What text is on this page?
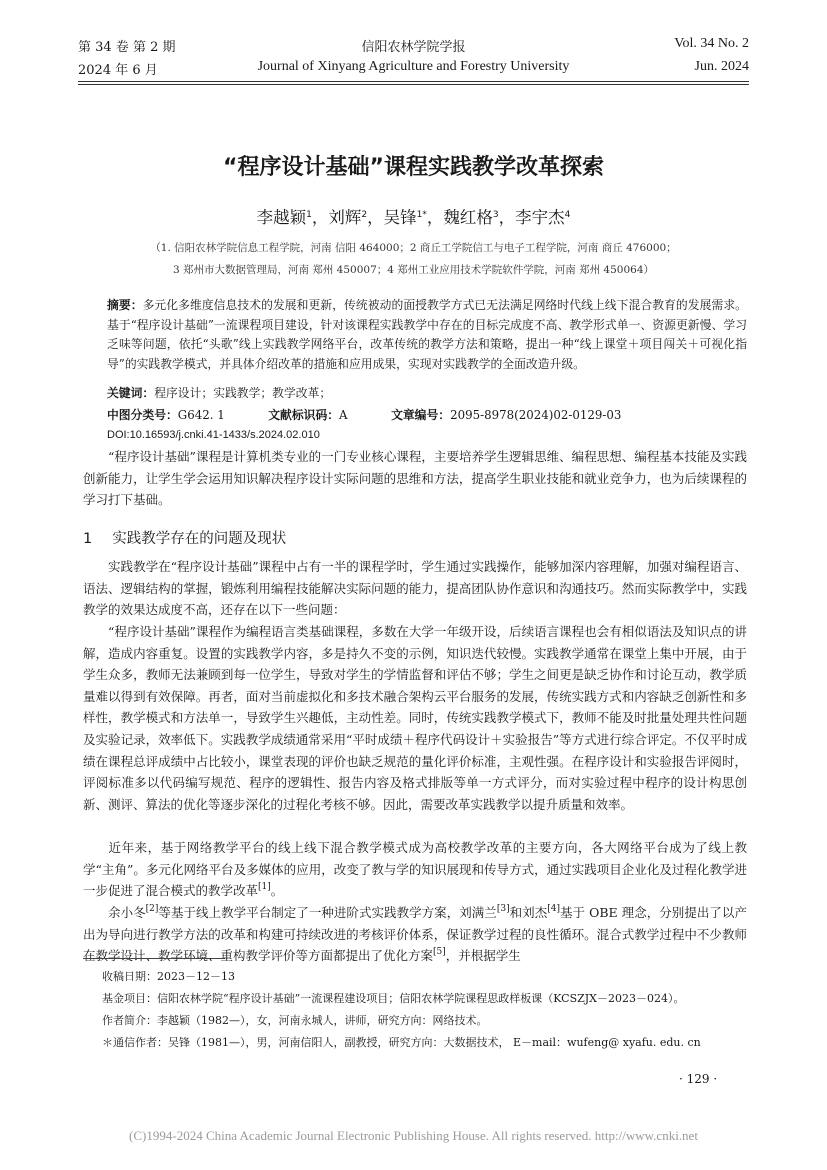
第 34 卷 第 2 期
2024 年 6 月
信阳农林学院学报
Journal of Xinyang Agriculture and Forestry University
Vol. 34 No. 2
Jun. 2024
“程序设计基础”课程实践教学改革探索
李越颖$^1$，刘辉$^2$，吴锋$^{1*}$，魏红格$^3$，李宇杰$^4$
（1. 信阳农林学院信息工程学院，河南 信阳 464000；2 商丘工学院信工与电子工程学院，河南 商丘 476000；
3 郑州市大数据管理局，河南 郑州 450007；4 郑州工业应用技术学院软件学院，河南 郑州 450064）
摘要：多元化多维度信息技术的发展和更新，传统被动的面授教学方式已无法满足网络时代线上线下混合教育的发展需求。基于“程序设计基础”一流课程项目建设，针对该课程实践教学中存在的目标完成度不高、教学形式单一、资源更新慢、学习乏味等问题，依托“头歌”线上实践教学网络平台，改革传统的教学方法和策略，提出一种“线上课堂＋项目闯关＋可视化指导”的实践教学模式，并具体介绍改革的措施和应用成果，实现对实践教学的全面改造升级。
关键词：程序设计；实践教学；教学改革；
中图分类号：G642. 1	文献标识码：A	文章编号：2095-8978(2024)02-0129-03
DOI:10.16593/j.cnki.41-1433/s.2024.02.010
“程序设计基础”课程是计算机类专业的一门专业核心课程，主要培养学生逻辑思维、编程思想、编程基本技能及实践创新能力，让学生学会运用知识解决程序设计实际问题的思维和方法，提高学生职业技能和就业竞争力，也为后续课程的学习打下基础。
1 实践教学存在的问题及现状
实践教学在“程序设计基础”课程中占有一半的课程学时，学生通过实践操作，能够加深内容理解，加强对编程语言、语法、逻辑结构的掌握，锻炼利用编程技能解决实际问题的能力，提高团队协作意识和沟通技巧。然而实际教学中，实践教学的效果达成度不高，还存在以下一些问题：
“程序设计基础”课程作为编程语言类基础课程，多数在大学一年级开设，后续语言课程也会有相似语法及知识点的讲解，造成内容重复。设置的实践教学内容，多是持久不变的示例，知识迭代较慢。实践教学通常在课堂上集中开展，由于学生众多，教师无法兼顾到每一位学生，导致对学生的学情监督和评估不够；学生之间更是缺乏协作和讨论互动，教学质量难以得到有效保障。再者，面对当前虚拟化和多技术融合架构云平台服务的发展，传统实践方式和内容缺乏创新性和多样性，教学模式和方法单一，导致学生兴趣低，主动性差。同时，传统实践教学模式下，教师不能及时批量处理共性问题及实验记录，效率低下。实践教学成绩通常采用“平时成绩＋程序代码设计＋实验报告”等方式进行综合评定。不仅平时成绩在课程总评成绩中占比较小，课堂表现的评价也缺乏规范的量化评价标准，主观性强。在程序设计和实验报告评阅时，评阅标准多以代码编写规范、程序的逻辑性、报告内容及格式排版等单一方式评分，而对实验过程中程序的设计构思创新、测评、算法的优化等逐步深化的过程化考核不够。因此，需要改革实践教学以提升质量和效率。
近年来，基于网络教学平台的线上线下混合教学模式成为高校教学改革的主要方向，各大网络平台成为了线上教学“主角”。多元化网络平台及多媒体的应用，改变了教与学的知识展现和传导方式，通过实践项目企业化及过程化教学进一步促进了混合模式的教学改革[1]。
余小冬[2]等基于线上教学平台制定了一种进阶式实践教学方案，刘满兰[3]和刘杰[4]基于 OBE 理念，分别提出了以产出为导向进行教学方法的改革和构建可持续改进的考核评价体系，保证教学过程的良性循环。混合式教学过程中不少教师在教学设计、教学环境、重构教学评价等方面都提出了优化方案[5]，并根据学生
收稿日期：2023－12－13
基金项目：信阳农林学院“程序设计基础”一流课程建设项目；信阳农林学院课程思政样板课（KCSZJX－2023－024）。
作者简介：李越颖（1982—），女，河南永城人，讲师，研究方向：网络技术。
＊通信作者：吴锋（1981—），男，河南信阳人，副教授，研究方向：大数据技术， E－mail：wufeng@ xyafu. edu. cn
· 129 ·
(C)1994-2024 China Academic Journal Electronic Publishing House. All rights reserved. http://www.cnki.net
